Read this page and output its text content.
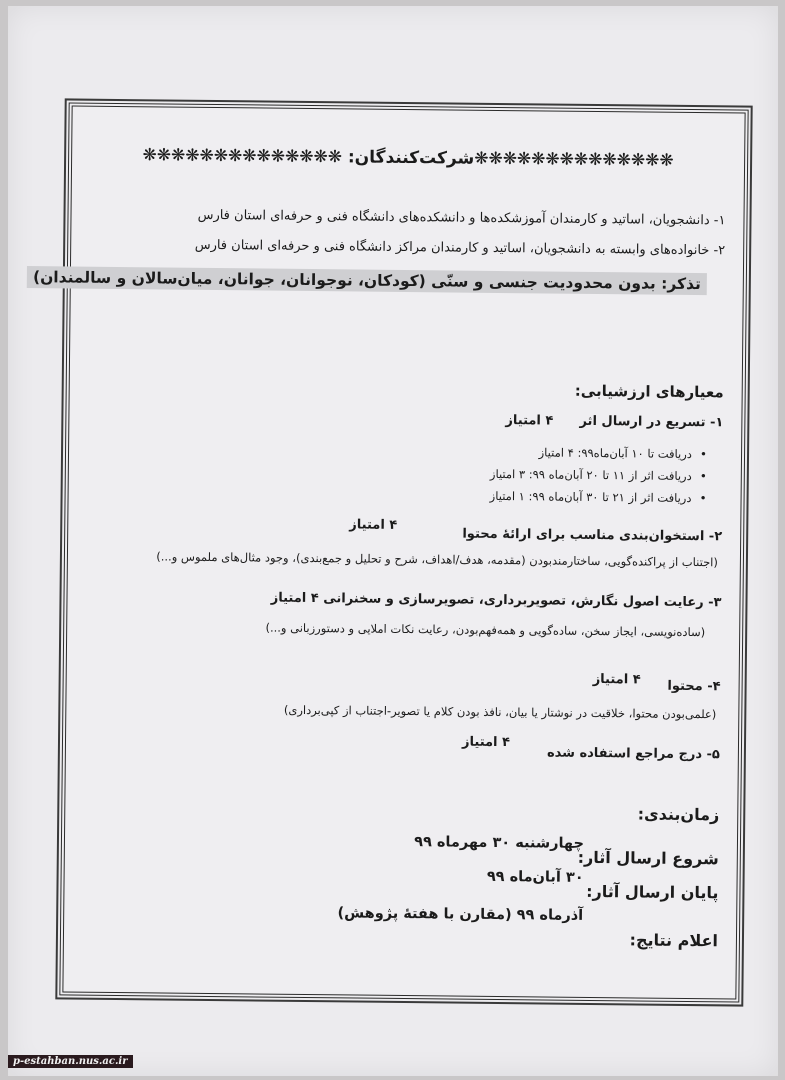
❋❋❋❋❋❋❋❋❋❋❋❋❋❋شرکت‌کنندگان: ❋❋❋❋❋❋❋❋❋❋❋❋❋❋
۱- دانشجویان، اساتید و کارمندان آموزشکده‌ها و دانشکده‌های دانشگاه فنی و حرفه‌ای استان فارس
۲- خانواده‌های وابسته به دانشجویان، اساتید و کارمندان مراکز دانشگاه فنی و حرفه‌ای استان فارس
تذکر: بدون محدودیت جنسی و سنّی (کودکان، نوجوانان، جوانان، میان‌سالان و سالمندان)
معیارهای ارزشیابی:
۱- تسریع در ارسال اثر
۴ امتیاز
• دریافت تا ۱۰ آبان‌ماه۹۹: ۴ امتیاز
• دریافت اثر از ۱۱ تا ۲۰ آبان‌ماه ۹۹: ۳ امتیاز
• دریافت اثر از ۲۱ تا ۳۰ آبان‌ماه ۹۹: ۱ امتیاز
۲- استخوان‌بندی مناسب برای ارائهٔ محتوا
۴ امتیاز
(اجتناب از پراکنده‌گویی، ساختارمندبودن (مقدمه، هدف/اهداف، شرح و تحلیل و جمع‌بندی)، وجود مثال‌های ملموس و...)
۳- رعایت اصول نگارش، تصویربرداری، تصویرسازی و سخنرانی ۴ امتیاز
(ساده‌نویسی، ایجاز سخن، ساده‌گویی و همه‌فهم‌بودن، رعایت نکات املایی و دستورزبانی و...)
۴- محتوا
۴ امتیاز
(علمی‌بودن محتوا، خلاقیت در نوشتار یا بیان، نافذ بودن کلام یا تصویر-اجتناب از کپی‌برداری)
۵- درج مراجع استفاده شده
۴ امتیاز
زمان‌بندی:
شروع ارسال آثار:
چهارشنبه ۳۰ مهرماه ۹۹
پایان ارسال آثار:
۳۰ آبان‌ماه ۹۹
اعلام نتایج:
آذرماه ۹۹ (مقارن با هفتهٔ پژوهش)
p-estahban.nus.ac.ir
